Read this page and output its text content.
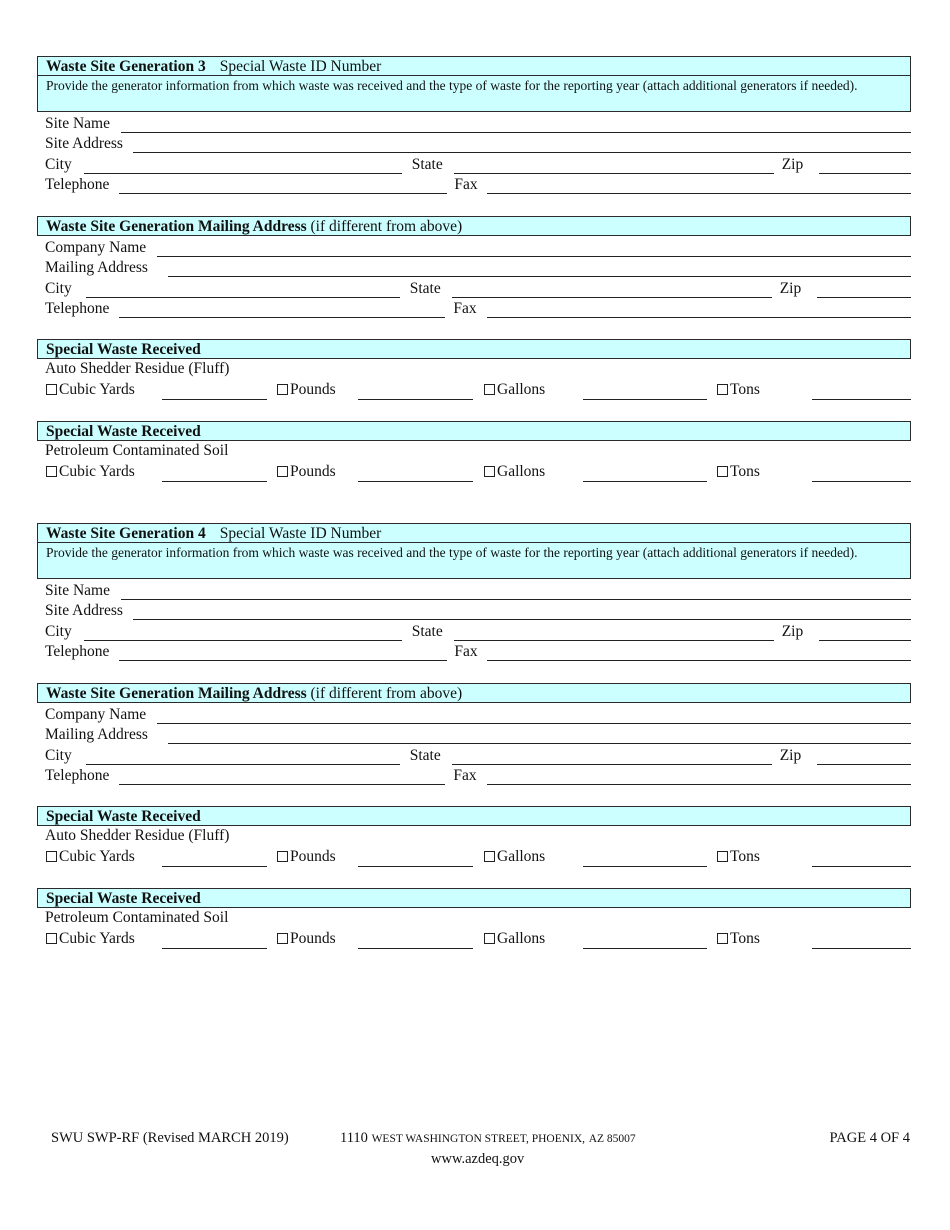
Waste Site Generation 3 Special Waste ID Number
Provide the generator information from which waste was received and the type of waste for the reporting year (attach additional generators if needed).
Site Name
Site Address
City	State	Zip
Telephone	Fax
Waste Site Generation Mailing Address (if different from above)
Company Name
Mailing Address
City	State	Zip
Telephone	Fax
Special Waste Received
Auto Shedder Residue (Fluff)
Cubic Yards	Pounds	Gallons	Tons
Special Waste Received
Petroleum Contaminated Soil
Cubic Yards	Pounds	Gallons	Tons
Waste Site Generation 4 Special Waste ID Number
Provide the generator information from which waste was received and the type of waste for the reporting year (attach additional generators if needed).
Site Name
Site Address
City	State	Zip
Telephone	Fax
Waste Site Generation Mailing Address (if different from above)
Company Name
Mailing Address
City	State	Zip
Telephone	Fax
Special Waste Received
Auto Shedder Residue (Fluff)
Cubic Yards	Pounds	Gallons	Tons
Special Waste Received
Petroleum Contaminated Soil
Cubic Yards	Pounds	Gallons	Tons
SWU SWP-RF (Revised MARCH 2019)	1110 WEST WASHINGTON STREET, PHOENIX, AZ 85007	PAGE 4 OF 4
www.azdeq.gov
